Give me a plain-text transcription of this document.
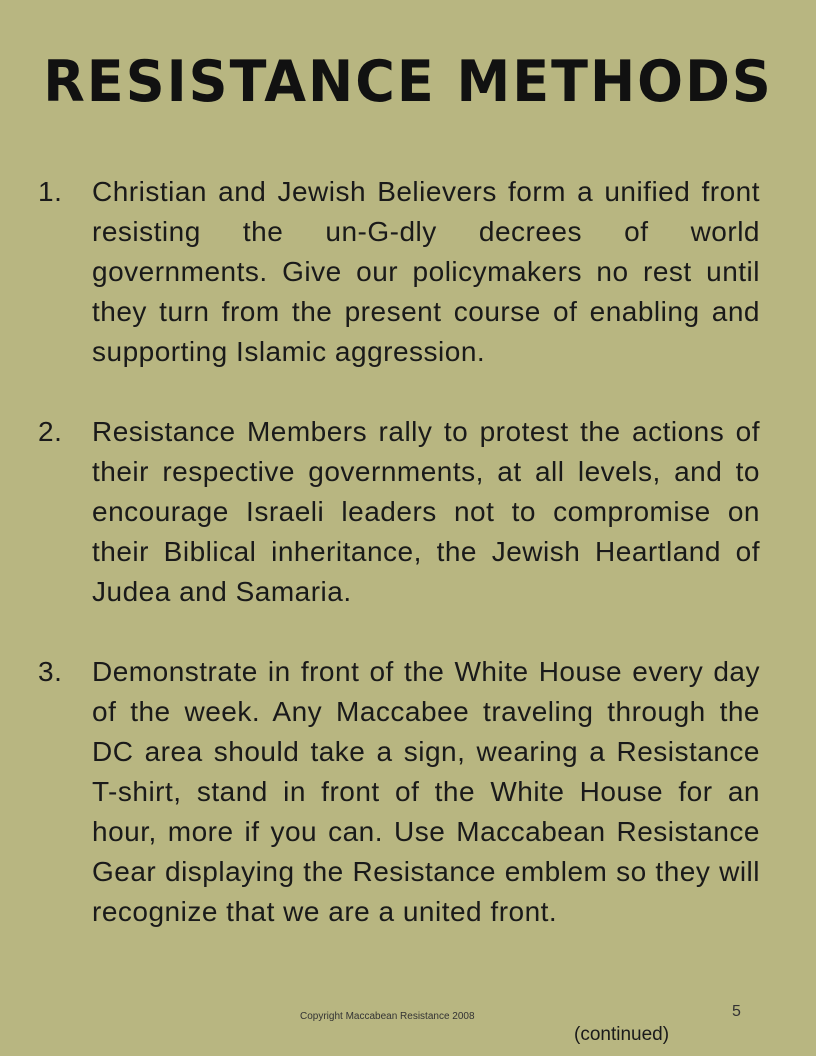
RESISTANCE METHODS
1.	Christian and Jewish Believers form a unified front resisting the un-G-dly decrees of world governments. Give our policymakers no rest until they turn from the present course of enabling and supporting Islamic aggression.
2.	Resistance Members rally to protest the actions of their respective governments, at all levels, and to encourage Israeli leaders not to compromise on their Biblical inheritance, the Jewish Heartland of Judea and Samaria.
3.	Demonstrate in front of the White House every day of the week. Any Maccabee traveling through the DC area should take a sign, wearing a Resistance T-shirt, stand in front of the White House for an hour, more if you can. Use Maccabean Resistance Gear displaying the Resistance emblem so they will recognize that we are a united front.
Copyright Maccabean Resistance 2008	5
(continued)
